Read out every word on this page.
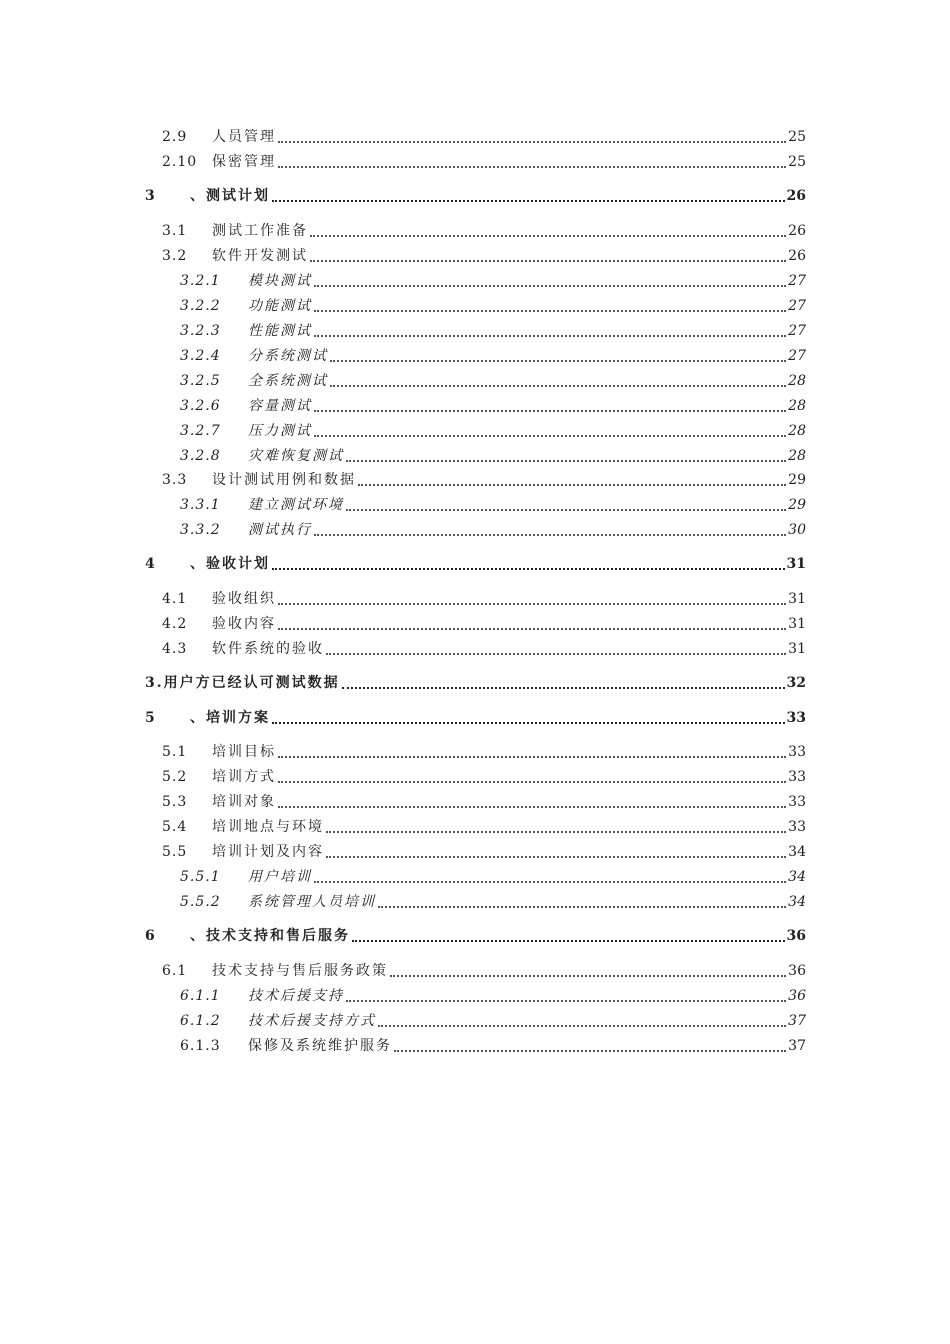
2.9	人员管理	25
2.10	保密管理	25
3	、测试计划	26
3.1	测试工作准备	26
3.2	软件开发测试	26
3.2.1	模块测试	27
3.2.2	功能测试	27
3.2.3	性能测试	27
3.2.4	分系统测试	27
3.2.5	全系统测试	28
3.2.6	容量测试	28
3.2.7	压力测试	28
3.2.8	灾难恢复测试	28
3.3	设计测试用例和数据	29
3.3.1	建立测试环境	29
3.3.2	测试执行	30
4	、验收计划	31
4.1	验收组织	31
4.2	验收内容	31
4.3	软件系统的验收	31
3.用户方已经认可测试数据	32
5	、培训方案	33
5.1	培训目标	33
5.2	培训方式	33
5.3	培训对象	33
5.4	培训地点与环境	33
5.5	培训计划及内容	34
5.5.1	用户培训	34
5.5.2	系统管理人员培训	34
6	、技术支持和售后服务	36
6.1	技术支持与售后服务政策	36
6.1.1	技术后援支持	36
6.1.2	技术后援支持方式	37
6.1.3	保修及系统维护服务	37
